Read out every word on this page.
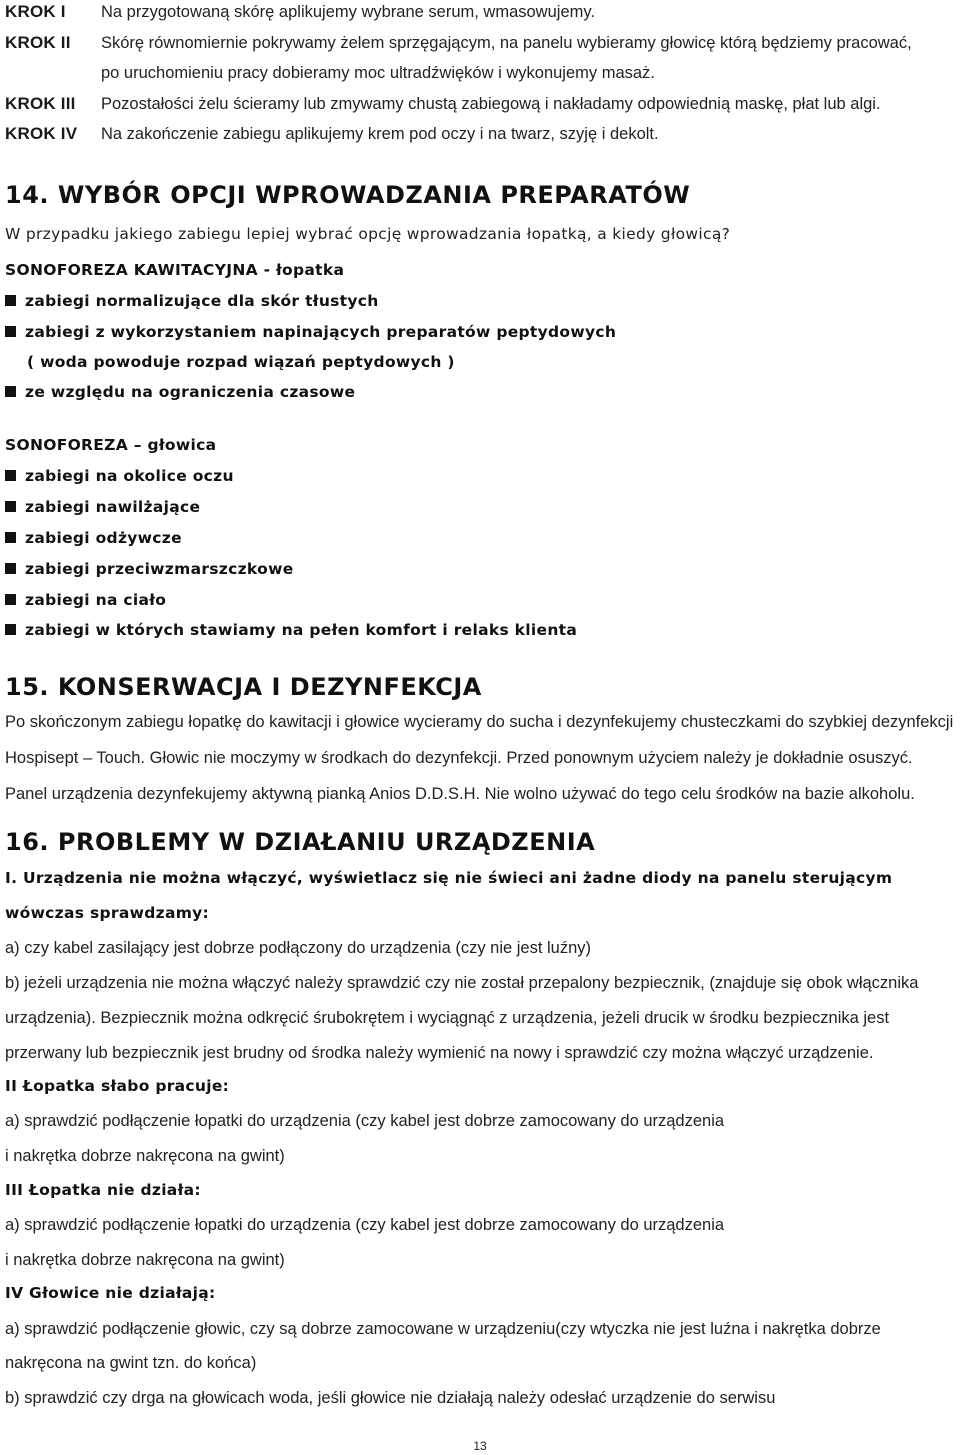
KROK I Na przygotowaną skórę aplikujemy wybrane serum, wmasowujemy.
KROK II Skórę równomiernie pokrywamy żelem sprzęgającym, na panelu wybieramy głowicę którą będziemy pracować,
po uruchomieniu pracy dobieramy moc ultradźwięków i wykonujemy masaż.
KROK III Pozostałości żelu ścieramy lub zmywamy chustą zabiegową i nakładamy odpowiednią maskę, płat lub algi.
KROK IV Na zakończenie zabiegu aplikujemy krem pod oczy i na twarz, szyję i dekolt.
14. WYBÓR OPCJI WPROWADZANIA PREPARATÓW
W przypadku jakiego zabiegu lepiej wybrać opcję wprowadzania łopatką, a kiedy głowicą?
SONOFOREZA KAWITACYJNA - łopatka
zabiegi normalizujące dla skór tłustych
zabiegi z wykorzystaniem napinających preparatów peptydowych
( woda powoduje rozpad wiązań peptydowych )
ze względu na ograniczenia czasowe
SONOFOREZA – głowica
zabiegi na okolice oczu
zabiegi nawilżające
zabiegi odżywcze
zabiegi przeciwzmarszczkowe
zabiegi na ciało
zabiegi w których stawiamy na pełen komfort i relaks klienta
15. KONSERWACJA I DEZYNFEKCJA
Po skończonym zabiegu łopatkę do kawitacji i głowice wycieramy do sucha i dezynfekujemy chusteczkami do szybkiej dezynfekcji
Hospisept – Touch. Głowic nie moczymy w środkach do dezynfekcji. Przed ponownym użyciem należy je dokładnie osuszyć.
Panel urządzenia dezynfekujemy aktywną pianką Anios D.D.S.H. Nie wolno używać do tego celu środków na bazie alkoholu.
16. PROBLEMY W DZIAŁANIU URZĄDZENIA
I. Urządzenia nie można włączyć, wyświetlacz się nie świeci ani żadne diody na panelu sterującym
wówczas sprawdzamy:
a) czy kabel zasilający jest dobrze podłączony do urządzenia (czy nie jest luźny)
b) jeżeli urządzenia nie można włączyć należy sprawdzić czy nie został przepalony bezpiecznik, (znajduje się obok włącznika
urządzenia). Bezpiecznik można odkręcić śrubokrętem i wyciągnąć z urządzenia, jeżeli drucik w środku bezpiecznika jest
przerwany lub bezpiecznik jest brudny od środka należy wymienić na nowy i sprawdzić czy można włączyć urządzenie.
II Łopatka słabo pracuje:
a) sprawdzić podłączenie łopatki do urządzenia (czy kabel jest dobrze zamocowany do urządzenia
i nakrętka dobrze nakręcona na gwint)
III Łopatka nie działa:
a) sprawdzić podłączenie łopatki do urządzenia (czy kabel jest dobrze zamocowany do urządzenia
i nakrętka dobrze nakręcona na gwint)
IV Głowice nie działają:
a) sprawdzić podłączenie głowic, czy są dobrze zamocowane w urządzeniu(czy wtyczka nie jest luźna i nakrętka dobrze
nakręcona na gwint tzn. do końca)
b) sprawdzić czy drga na głowicach woda, jeśli głowice nie działają należy odesłać urządzenie do serwisu
13
